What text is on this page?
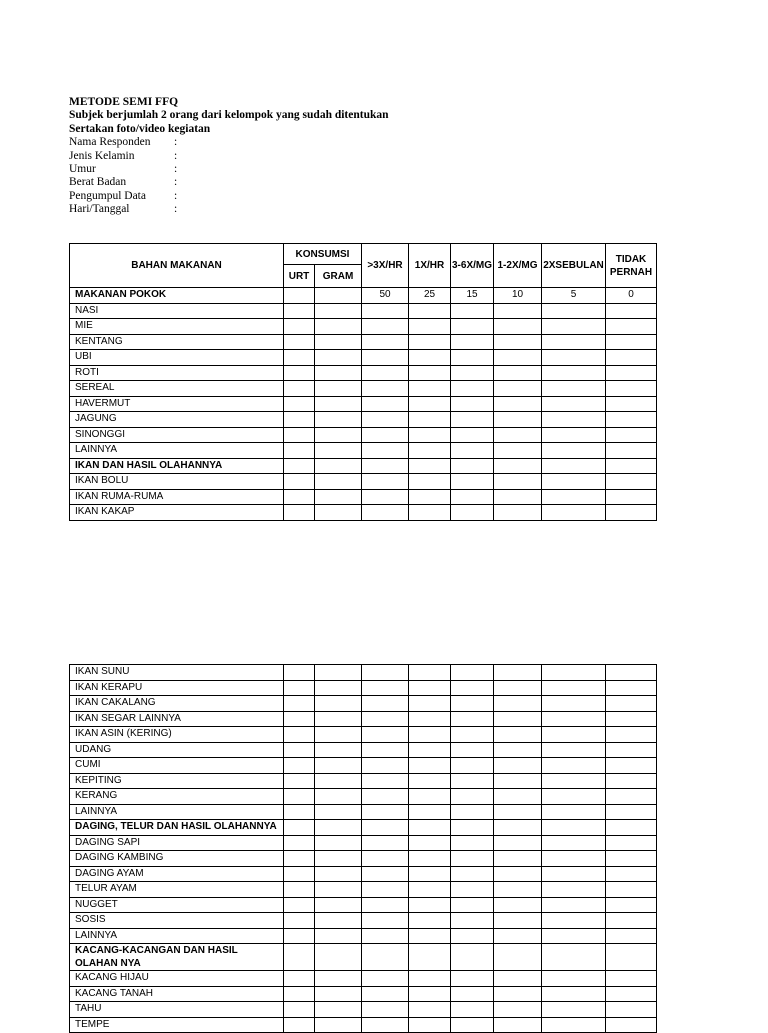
METODE SEMI FFQ
Subjek berjumlah 2 orang dari kelompok yang sudah ditentukan
Sertakan foto/video kegiatan
Nama Responden	:
Jenis Kelamin	:
Umur	:
Berat Badan	:
Pengumpul Data	:
Hari/Tanggal	:
BAHAN MAKANAN	KONSUMSI		>3X/HR	1X/HR	3-6X/MG	1-2X/MG	2XSEBULAN	TIDAK PERNAH
	URT	GRAM						
MAKANAN POKOK			50	25	15	10	5	0
NASI								
MIE								
KENTANG								
UBI								
ROTI								
SEREAL								
HAVERMUT								
JAGUNG								
SINONGGI								
LAINNYA								
IKAN DAN HASIL OLAHANNYA								
IKAN BOLU								
IKAN RUMA-RUMA								
IKAN KAKAP								
IKAN SUNU								
IKAN KERAPU								
IKAN CAKALANG								
IKAN SEGAR LAINNYA								
IKAN ASIN (KERING)								
UDANG								
CUMI								
KEPITING								
KERANG								
LAINNYA								
DAGING, TELUR DAN HASIL OLAHANNYA								
DAGING SAPI								
DAGING KAMBING								
DAGING AYAM								
TELUR AYAM								
NUGGET								
SOSIS								
LAINNYA								
KACANG-KACANGAN DAN HASIL OLAHAN NYA								
KACANG HIJAU								
KACANG TANAH								
TAHU								
TEMPE								
